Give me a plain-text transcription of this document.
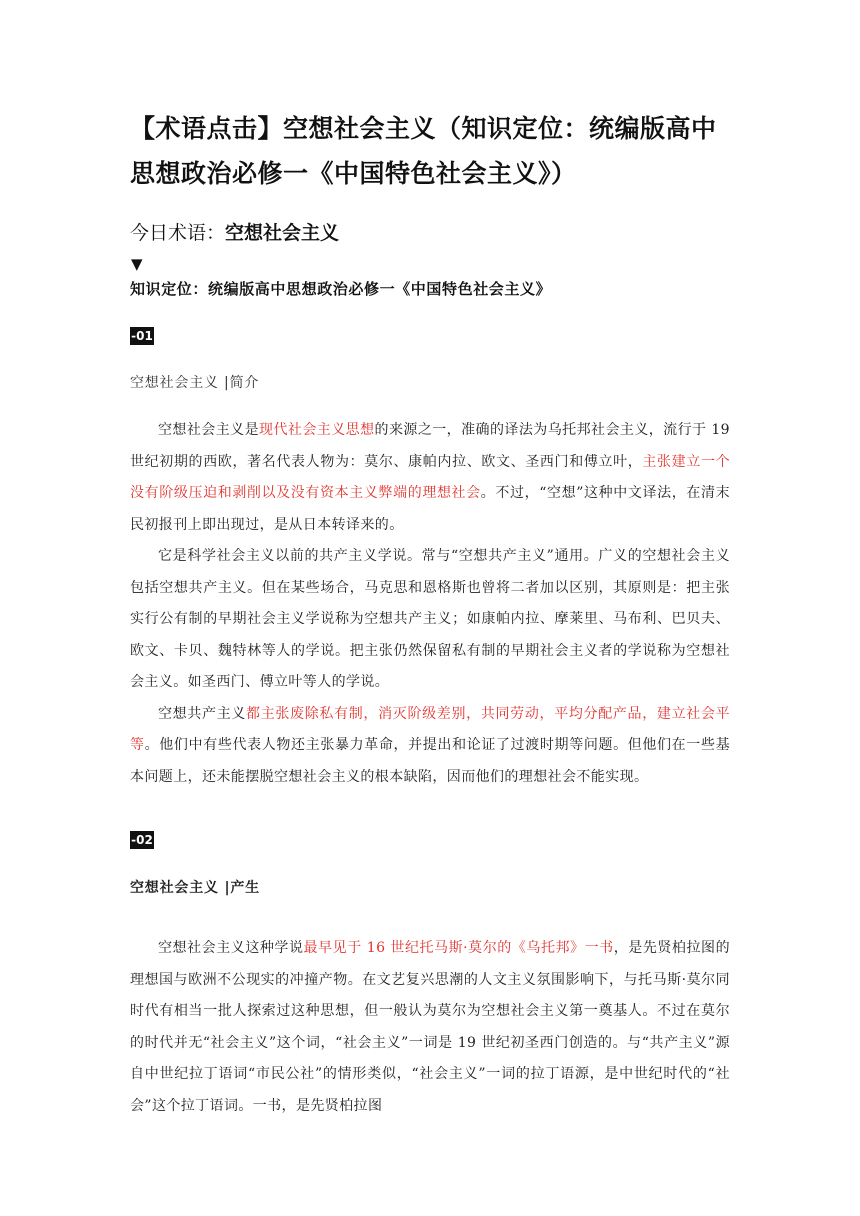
【术语点击】空想社会主义（知识定位：统编版高中思想政治必修一《中国特色社会主义》）
今日术语：空想社会主义
▼
知识定位：统编版高中思想政治必修一《中国特色社会主义》
-01
空想社会主义 |简介

空想社会主义是现代社会主义思想的来源之一，准确的译法为乌托邦社会主义，流行于 19 世纪初期的西欧，著名代表人物为：莫尔、康帕内拉、欧文、圣西门和傅立叶，主张建立一个没有阶级压迫和剥削以及没有资本主义弊端的理想社会。不过，“空想”这种中文译法，在清末民初报刊上即出现过，是从日本转译来的。

它是科学社会主义以前的共产主义学说。常与“空想共产主义”通用。广义的空想社会主义包括空想共产主义。但在某些场合，马克思和恩格斯也曾将二者加以区别，其原则是：把主张实行公有制的早期社会主义学说称为空想共产主义；如康帕内拉、摩莱里、马布利、巴贝夫、欧文、卡贝、魏特林等人的学说。把主张仍然保留私有制的早期社会主义者的学说称为空想社会主义。如圣西门、傅立叶等人的学说。

空想共产主义都主张废除私有制，消灭阶级差别，共同劳动，平均分配产品，建立社会平等。他们中有些代表人物还主张暴力革命，并提出和论证了过渡时期等问题。但他们在一些基本问题上，还未能摆脱空想社会主义的根本缺陷，因而他们的理想社会不能实现。

-02
空想社会主义 |产生

空想社会主义这种学说最早见于 16 世纪托马斯·莫尔的《乌托邦》一书，是先贤柏拉图的理想国与欧洲不公现实的冲撞产物。在文艺复兴思潮的人文主义氛围影响下，与托马斯·莫尔同时代有相当一批人探索过这种思想，但一般认为莫尔为空想社会主义第一奠基人。不过在莫尔的时代并无“社会主义”这个词，“社会主义”一词是 19 世纪初圣西门创造的。与“共产主义”源自中世纪拉丁语词“市民公社”的情形类似，“社会主义”一词的拉丁语源，是中世纪时代的“社会”这个拉丁语词。一书，是先贤柏拉图
